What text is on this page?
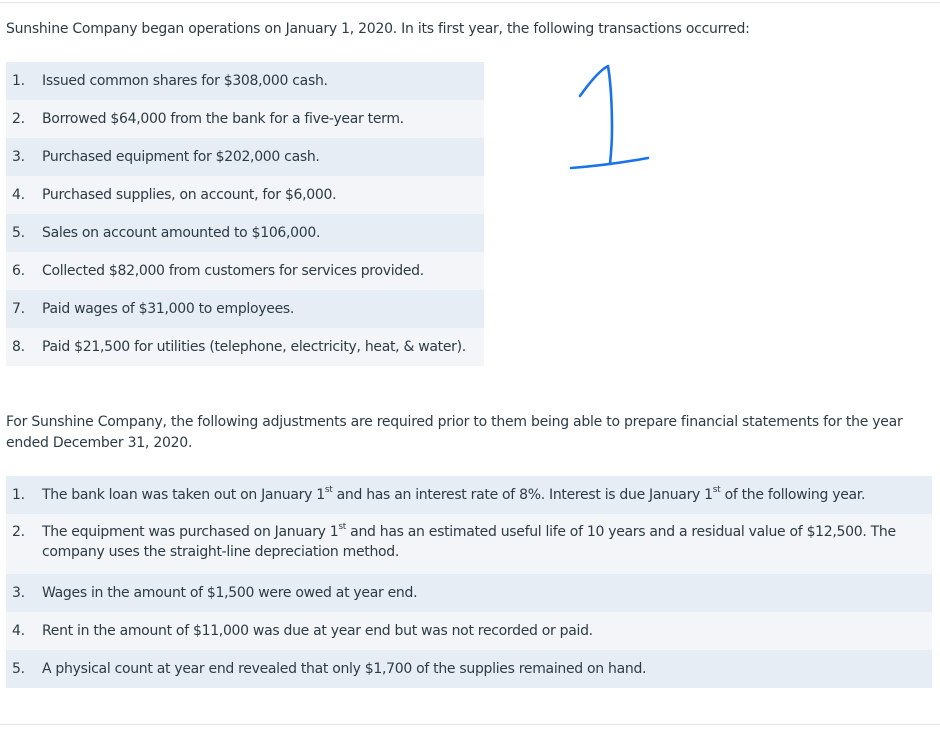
Sunshine Company began operations on January 1, 2020. In its first year, the following transactions occurred:

1.	Issued common shares for $308,000 cash.
2.	Borrowed $64,000 from the bank for a five-year term.
3.	Purchased equipment for $202,000 cash.
4.	Purchased supplies, on account, for $6,000.
5.	Sales on account amounted to $106,000.
6.	Collected $82,000 from customers for services provided.
7.	Paid wages of $31,000 to employees.
8.	Paid $21,500 for utilities (telephone, electricity, heat, & water).

For Sunshine Company, the following adjustments are required prior to them being able to prepare financial statements for the year ended December 31, 2020.

1.	The bank loan was taken out on January 1st and has an interest rate of 8%. Interest is due January 1st of the following year.
2.	The equipment was purchased on January 1st and has an estimated useful life of 10 years and a residual value of $12,500. The company uses the straight-line depreciation method.
3.	Wages in the amount of $1,500 were owed at year end.
4.	Rent in the amount of $11,000 was due at year end but was not recorded or paid.
5.	A physical count at year end revealed that only $1,700 of the supplies remained on hand.
